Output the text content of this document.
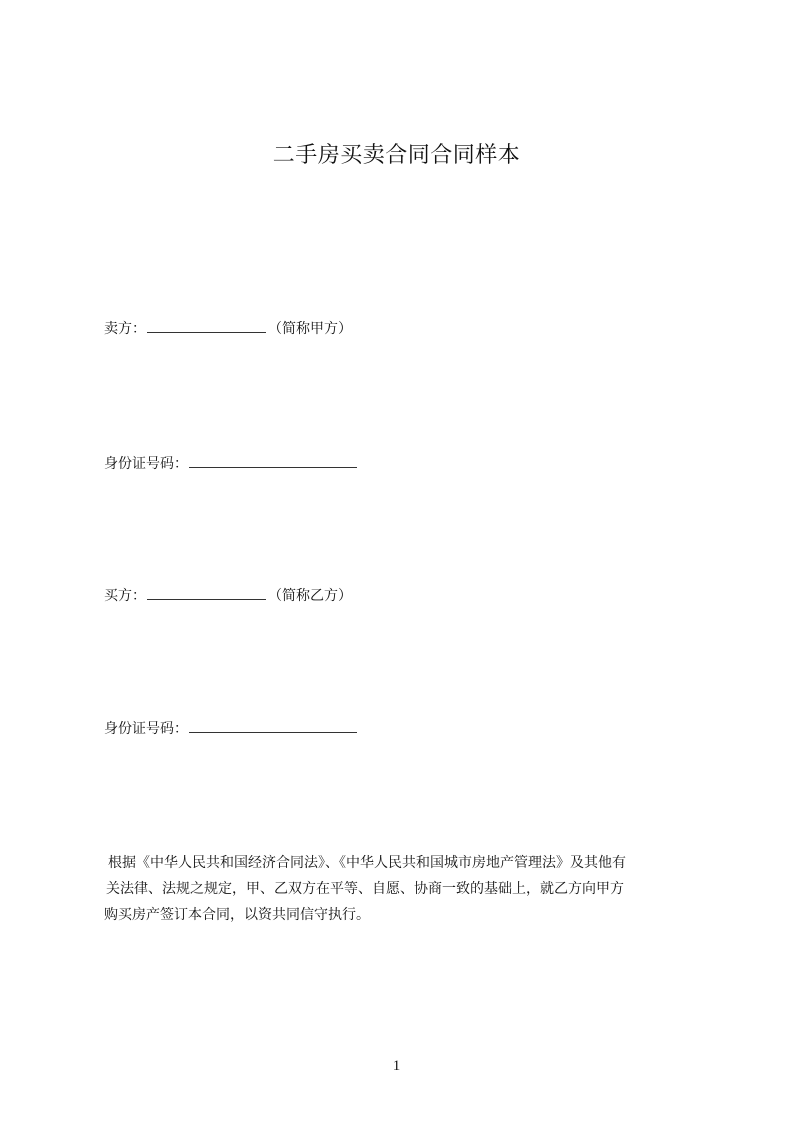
二手房买卖合同合同样本
卖方：	（简称甲方）
身份证号码：
买方：	（简称乙方）
身份证号码：
根据《中华人民共和国经济合同法》、《中华人民共和国城市房地产管理法》及其他有
关法律、法规之规定，甲、乙双方在平等、自愿、协商一致的基础上，就乙方向甲方
购买房产签订本合同，以资共同信守执行。
1
